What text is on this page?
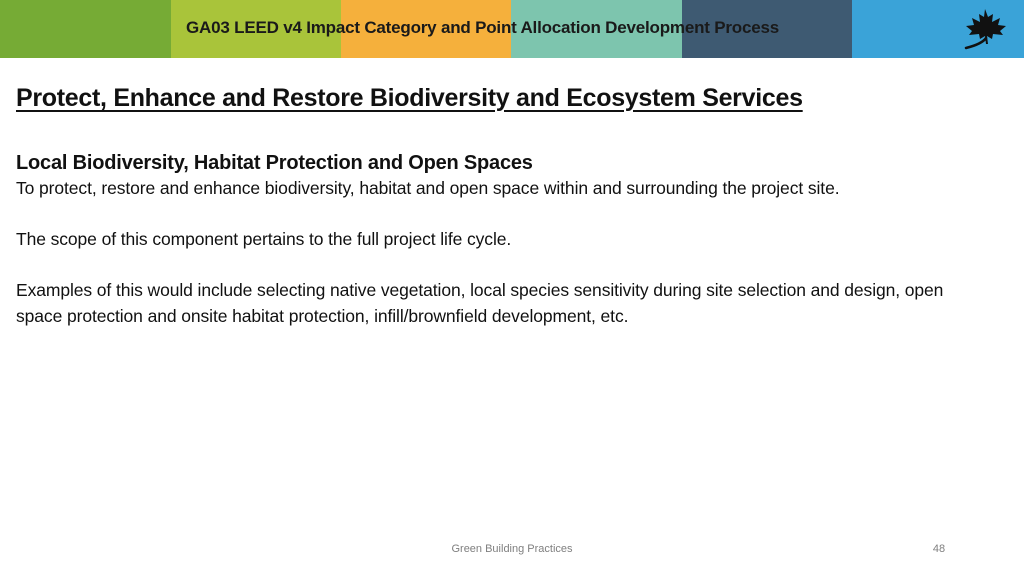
GA03 LEED v4 Impact Category and Point Allocation Development Process
Protect, Enhance and Restore Biodiversity and Ecosystem Services
Local Biodiversity, Habitat Protection and Open Spaces
To protect, restore and enhance biodiversity, habitat and open space within and surrounding the project site.
The scope of this component pertains to the full project life cycle.
Examples of this would include selecting native vegetation, local species sensitivity during site selection and design, open space protection and onsite habitat protection, infill/brownfield development, etc.
Green Building Practices	48
